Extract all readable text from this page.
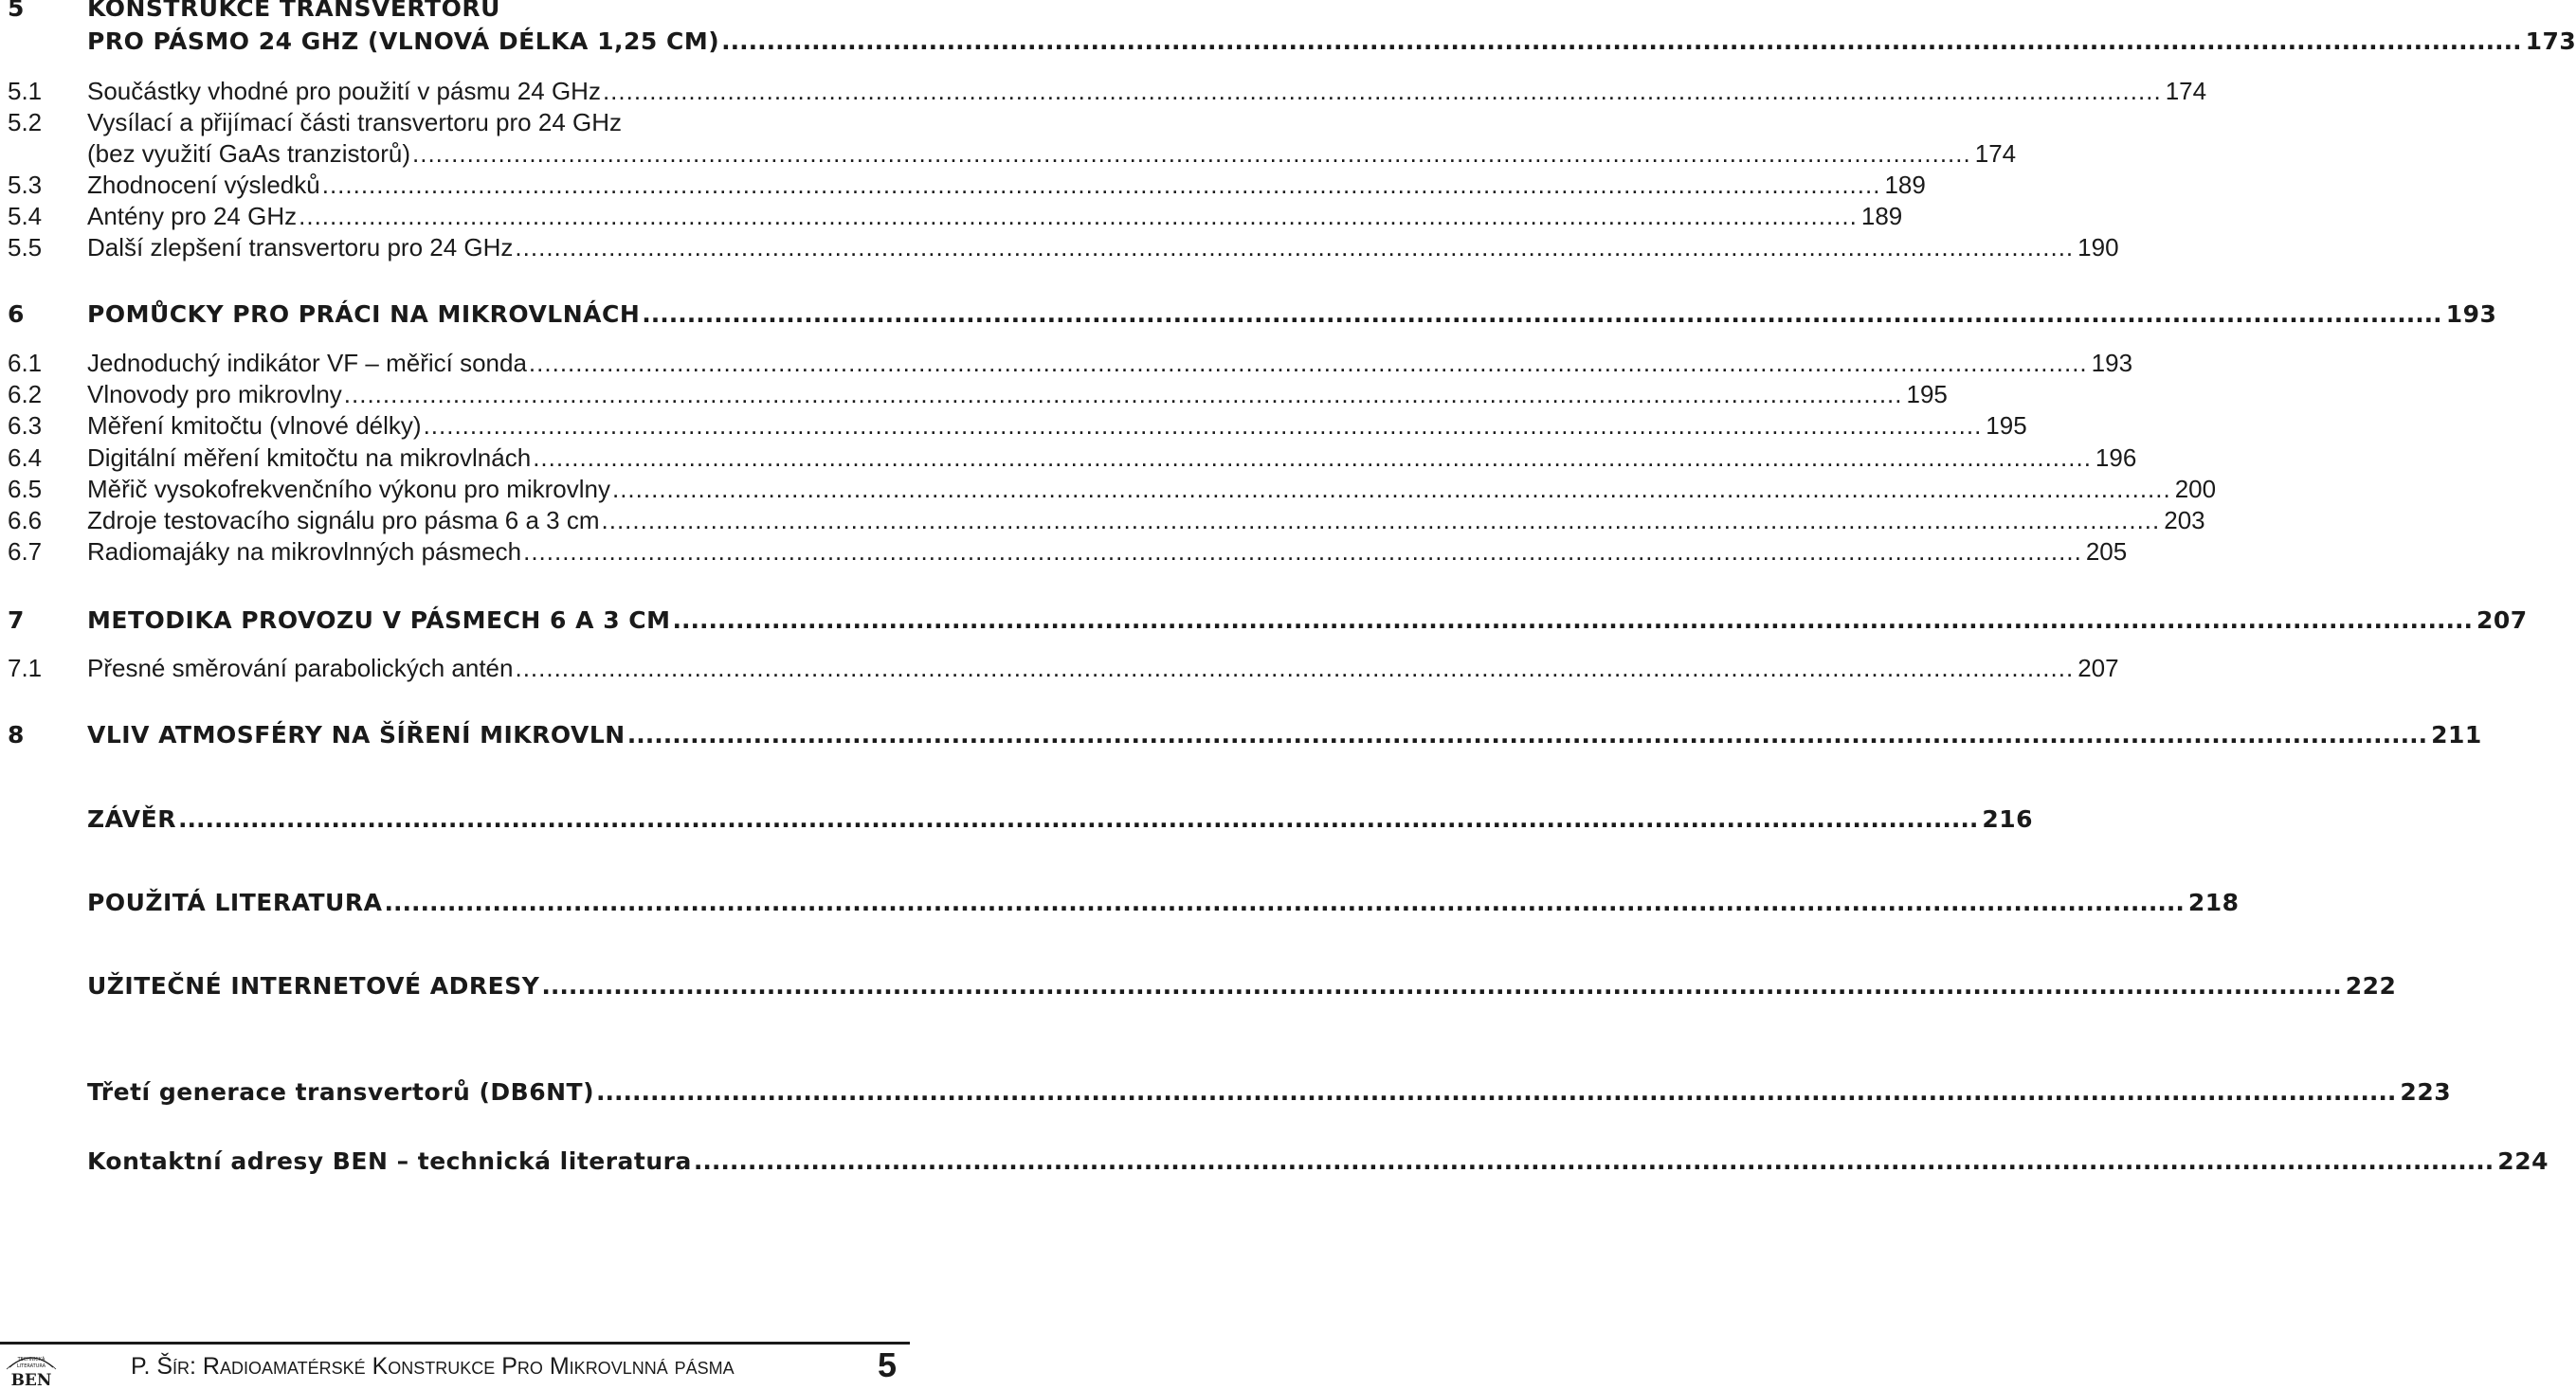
5	KONSTRUKCE TRANSVERTORU
PRO PÁSMO 24 GHZ (VLNOVÁ DÉLKA 1,25 CM) .....	173
5.1	Součástky vhodné pro použití v pásmu 24 GHz .....	174
5.2	Vysílací a přijímací části transvertoru pro 24 GHz
(bez využití GaAs tranzistorů) .....	174
5.3	Zhodnocení výsledků .....	189
5.4	Antény pro 24 GHz .....	189
5.5	Další zlepšení transvertoru pro 24 GHz .....	190
6	POMŮCKY PRO PRÁCI NA MIKROVLNÁCH .....	193
6.1	Jednoduchý indikátor VF – měřicí sonda .....	193
6.2	Vlnovody pro mikrovlny .....	195
6.3	Měření kmitočtu (vlnové délky) .....	195
6.4	Digitální měření kmitočtu na mikrovlnách .....	196
6.5	Měřič vysokofrekvenčního výkonu pro mikrovlny .....	200
6.6	Zdroje testovacího signálu pro pásma 6 a 3 cm .....	203
6.7	Radiomajáky na mikrovlnných pásmech .....	205
7	METODIKA PROVOZU V PÁSMECH 6 A 3 CM .....	207
7.1	Přesné směrování parabolických antén .....	207
8	VLIV ATMOSFÉRY NA ŠÍŘENÍ MIKROVLN .....	211
ZÁVĚR .....	216
POUŽITÁ LITERATURA .....	218
UŽITEČNÉ INTERNETOVÉ ADRESY .....	222
Třetí generace transvertorů (DB6NT) .....	223
Kontaktní adresy BEN – technická literatura .....	224
TECHNICKÁ
LITERATURA
BEN
P. Šír: Radioamatérské Konstrukce Pro Mikrovlnná pásma	5
